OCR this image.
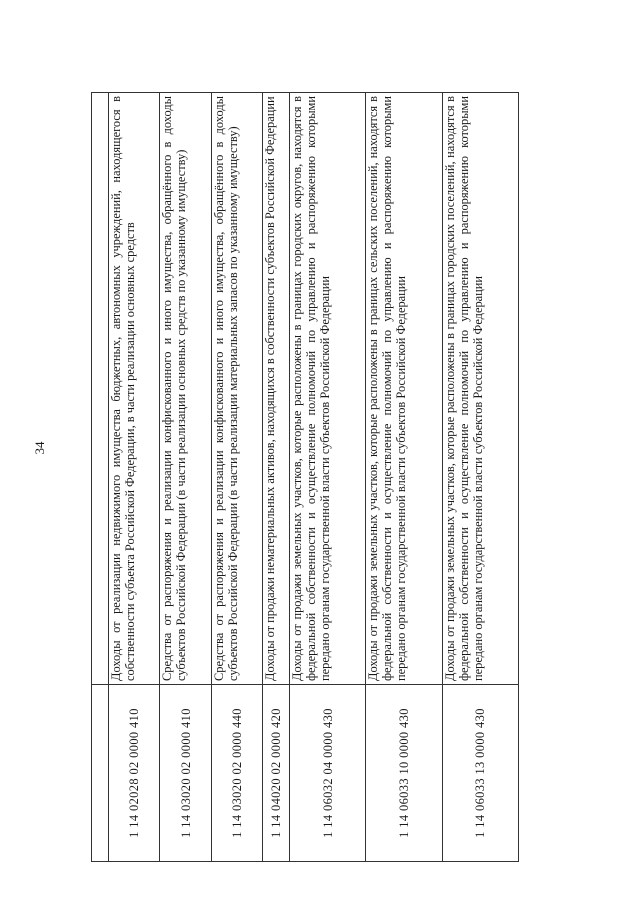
34

1 14 02028 02 0000 410	Доходы от реализации недвижимого имущества бюджетных, автономных учреждений, находящегося в собственности субъекта Российской Федерации, в части реализации основных средств
1 14 03020 02 0000 410	Средства от распоряжения и реализации конфискованного и иного имущества, обращённого в доходы субъектов Российской Федерации (в части реализации основных средств по указанному имуществу)
1 14 03020 02 0000 440	Средства от распоряжения и реализации конфискованного и иного имущества, обращённого в доходы субъектов Российской Федерации (в части реализации материальных запасов по указанному имуществу)
1 14 04020 02 0000 420	Доходы от продажи нематериальных активов, находящихся в собственности субъектов Российской Федерации
1 14 06032 04 0000 430	Доходы от продажи земельных участков, которые расположены в границах городских округов, находятся в федеральной собственности и осуществление полномочий по управлению и распоряжению которыми передано органам государственной власти субъектов Российской Федерации
1 14 06033 10 0000 430	Доходы от продажи земельных участков, которые расположены в границах сельских поселений, находятся в федеральной собственности и осуществление полномочий по управлению и распоряжению которыми передано органам государственной власти субъектов Российской Федерации
1 14 06033 13 0000 430	Доходы от продажи земельных участков, которые расположены в границах городских поселений, находятся в федеральной собственности и осуществление полномочий по управлению и распоряжению которыми передано органам государственной власти субъектов Российской Федерации
